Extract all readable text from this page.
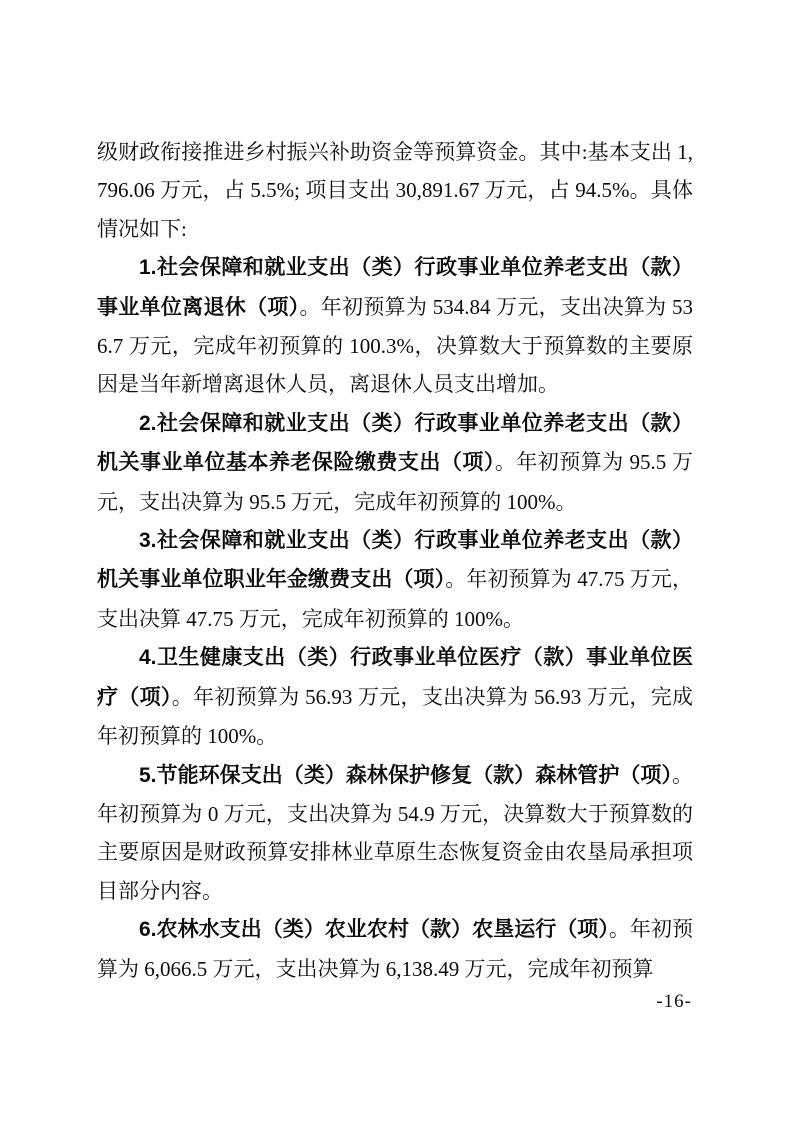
级财政衔接推进乡村振兴补助资金等预算资金。其中:基本支出 1,796.06 万元，占 5.5%; 项目支出 30,891.67 万元，占 94.5%。具体情况如下:

1.社会保障和就业支出（类）行政事业单位养老支出（款）事业单位离退休（项）。年初预算为 534.84 万元，支出决算为 536.7 万元，完成年初预算的 100.3%，决算数大于预算数的主要原因是当年新增离退休人员，离退休人员支出增加。

2.社会保障和就业支出（类）行政事业单位养老支出（款）机关事业单位基本养老保险缴费支出（项）。年初预算为 95.5 万元，支出决算为 95.5 万元，完成年初预算的 100%。

3.社会保障和就业支出（类）行政事业单位养老支出（款）机关事业单位职业年金缴费支出（项）。年初预算为 47.75 万元，支出决算 47.75 万元，完成年初预算的 100%。

4.卫生健康支出（类）行政事业单位医疗（款）事业单位医疗（项）。年初预算为 56.93 万元，支出决算为 56.93 万元，完成年初预算的 100%。

5.节能环保支出（类）森林保护修复（款）森林管护（项）。年初预算为 0 万元，支出决算为 54.9 万元，决算数大于预算数的主要原因是财政预算安排林业草原生态恢复资金由农垦局承担项目部分内容。

6.农林水支出（类）农业农村（款）农垦运行（项）。年初预算为 6,066.5 万元，支出决算为 6,138.49 万元，完成年初预算

-16-
